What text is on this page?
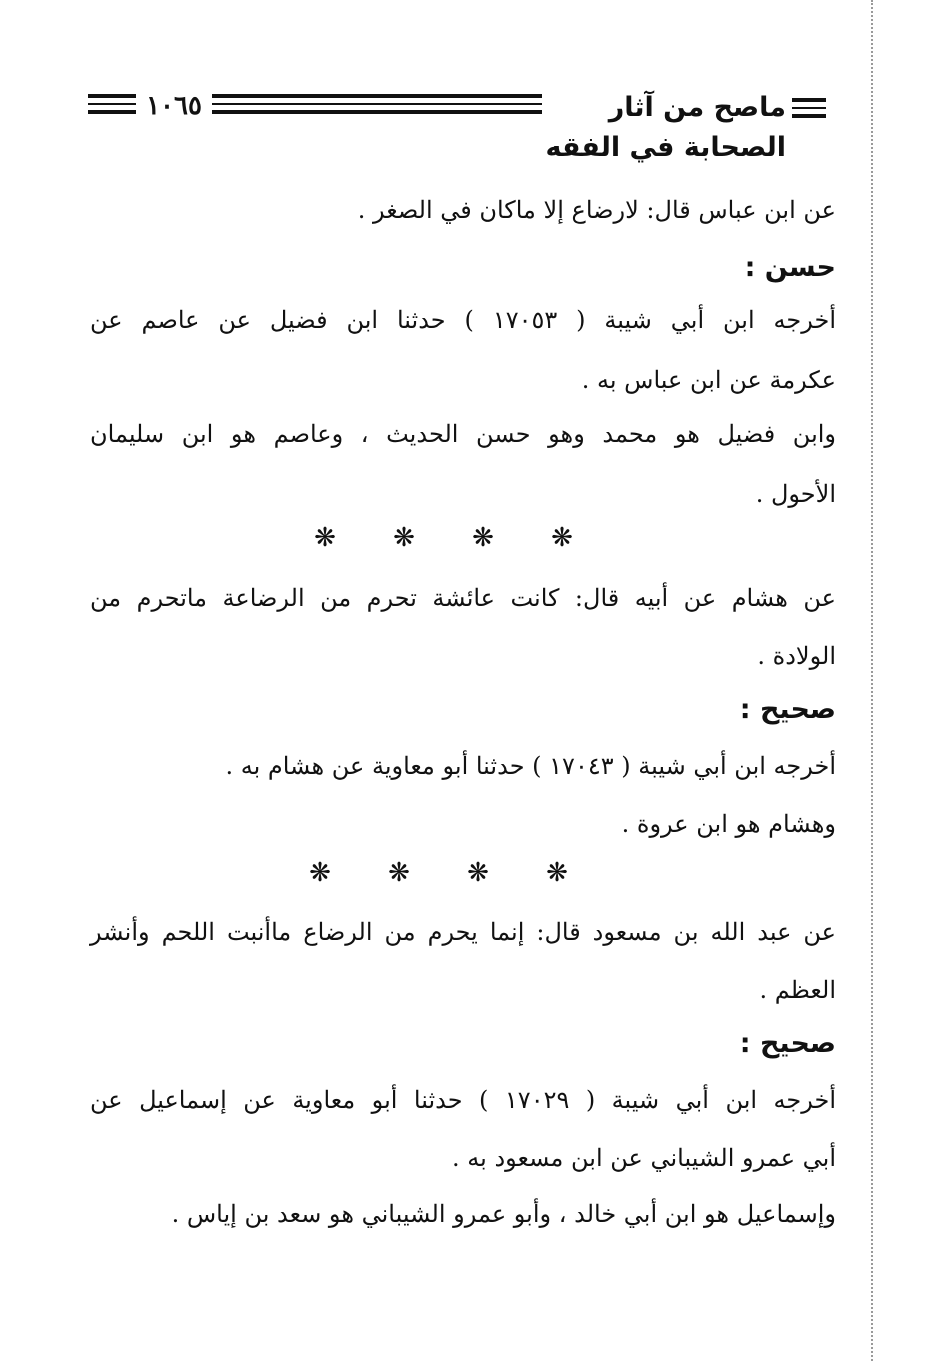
١٠٦٥	ماصح من آثار الصحابة في الفقه
عن ابن عباس قال: لارضاع إلا ماكان في الصغر .
حسن :
أخرجه ابن أبي شيبة ( ١٧٠٥٣ ) حدثنا ابن فضيل عن عاصم عن
عكرمة عن ابن عباس به .
وابن فضيل هو محمد وهو حسن الحديث ، وعاصم هو ابن سليمان
الأحول .
❋ ❋ ❋ ❋
عن هشام عن أبيه قال: كانت عائشة تحرم من الرضاعة ماتحرم من
الولادة .
صحيح :
أخرجه ابن أبي شيبة ( ١٧٠٤٣ ) حدثنا أبو معاوية عن هشام به .
وهشام هو ابن عروة .
❋ ❋ ❋ ❋
عن عبد الله بن مسعود قال: إنما يحرم من الرضاع ماأنبت اللحم وأنشر
العظم .
صحيح :
أخرجه ابن أبي شيبة ( ١٧٠٢٩ ) حدثنا أبو معاوية عن إسماعيل عن
أبي عمرو الشيباني عن ابن مسعود به .
وإسماعيل هو ابن أبي خالد ، وأبو عمرو الشيباني هو سعد بن إياس .
